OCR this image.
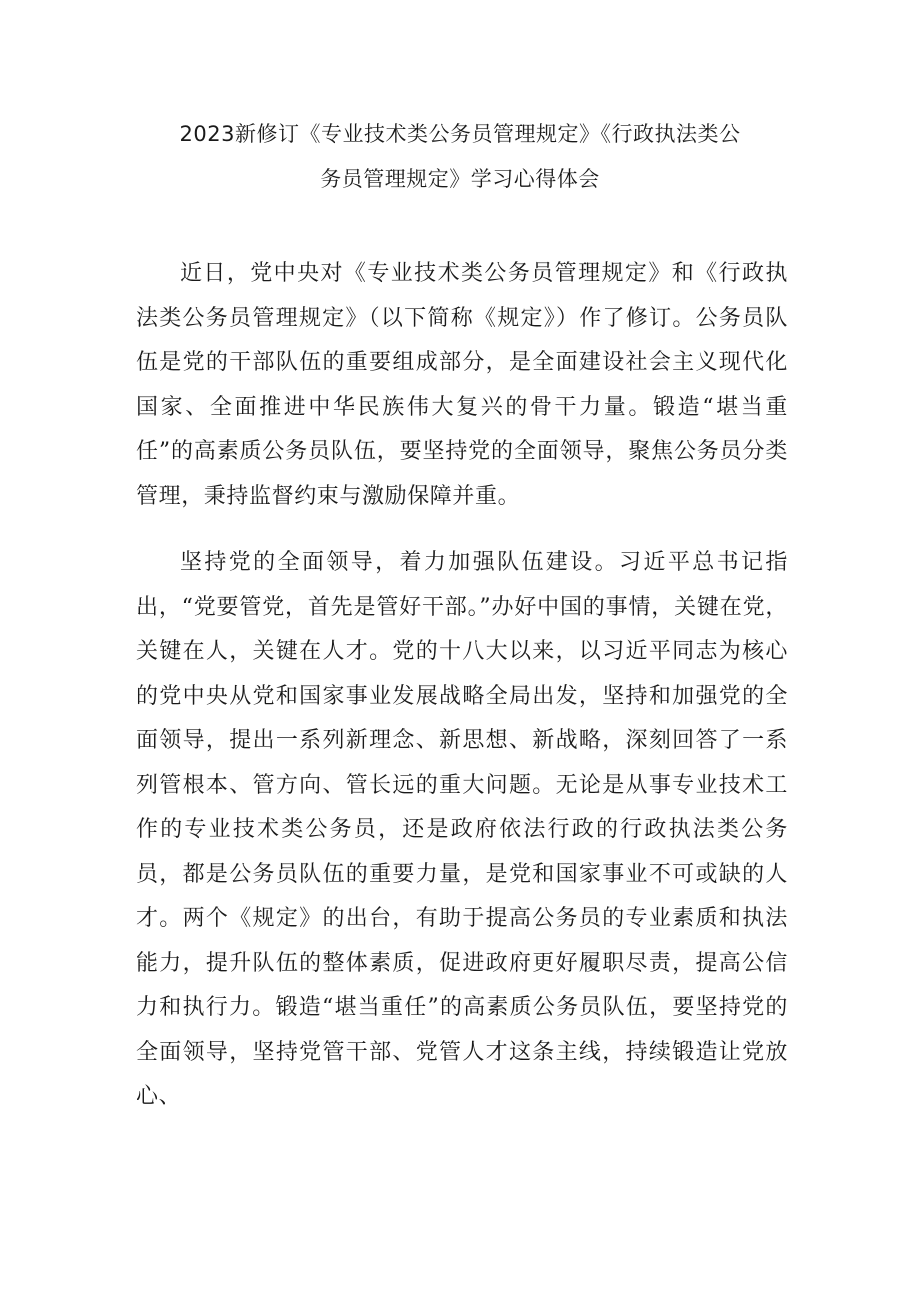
2023新修订《专业技术类公务员管理规定》《行政执法类公
务员管理规定》学习心得体会

近日，党中央对《专业技术类公务员管理规定》和《行政执法类公务员管理规定》（以下简称《规定》）作了修订。公务员队伍是党的干部队伍的重要组成部分，是全面建设社会主义现代化国家、全面推进中华民族伟大复兴的骨干力量。锻造“堪当重任”的高素质公务员队伍，要坚持党的全面领导，聚焦公务员分类管理，秉持监督约束与激励保障并重。

坚持党的全面领导，着力加强队伍建设。习近平总书记指出，“党要管党，首先是管好干部。”办好中国的事情，关键在党，关键在人，关键在人才。党的十八大以来，以习近平同志为核心的党中央从党和国家事业发展战略全局出发，坚持和加强党的全面领导，提出一系列新理念、新思想、新战略，深刻回答了一系列管根本、管方向、管长远的重大问题。无论是从事专业技术工作的专业技术类公务员，还是政府依法行政的行政执法类公务员，都是公务员队伍的重要力量，是党和国家事业不可或缺的人才。两个《规定》的出台，有助于提高公务员的专业素质和执法能力，提升队伍的整体素质，促进政府更好履职尽责，提高公信力和执行力。锻造“堪当重任”的高素质公务员队伍，要坚持党的全面领导，坚持党管干部、党管人才这条主线，持续锻造让党放心、
